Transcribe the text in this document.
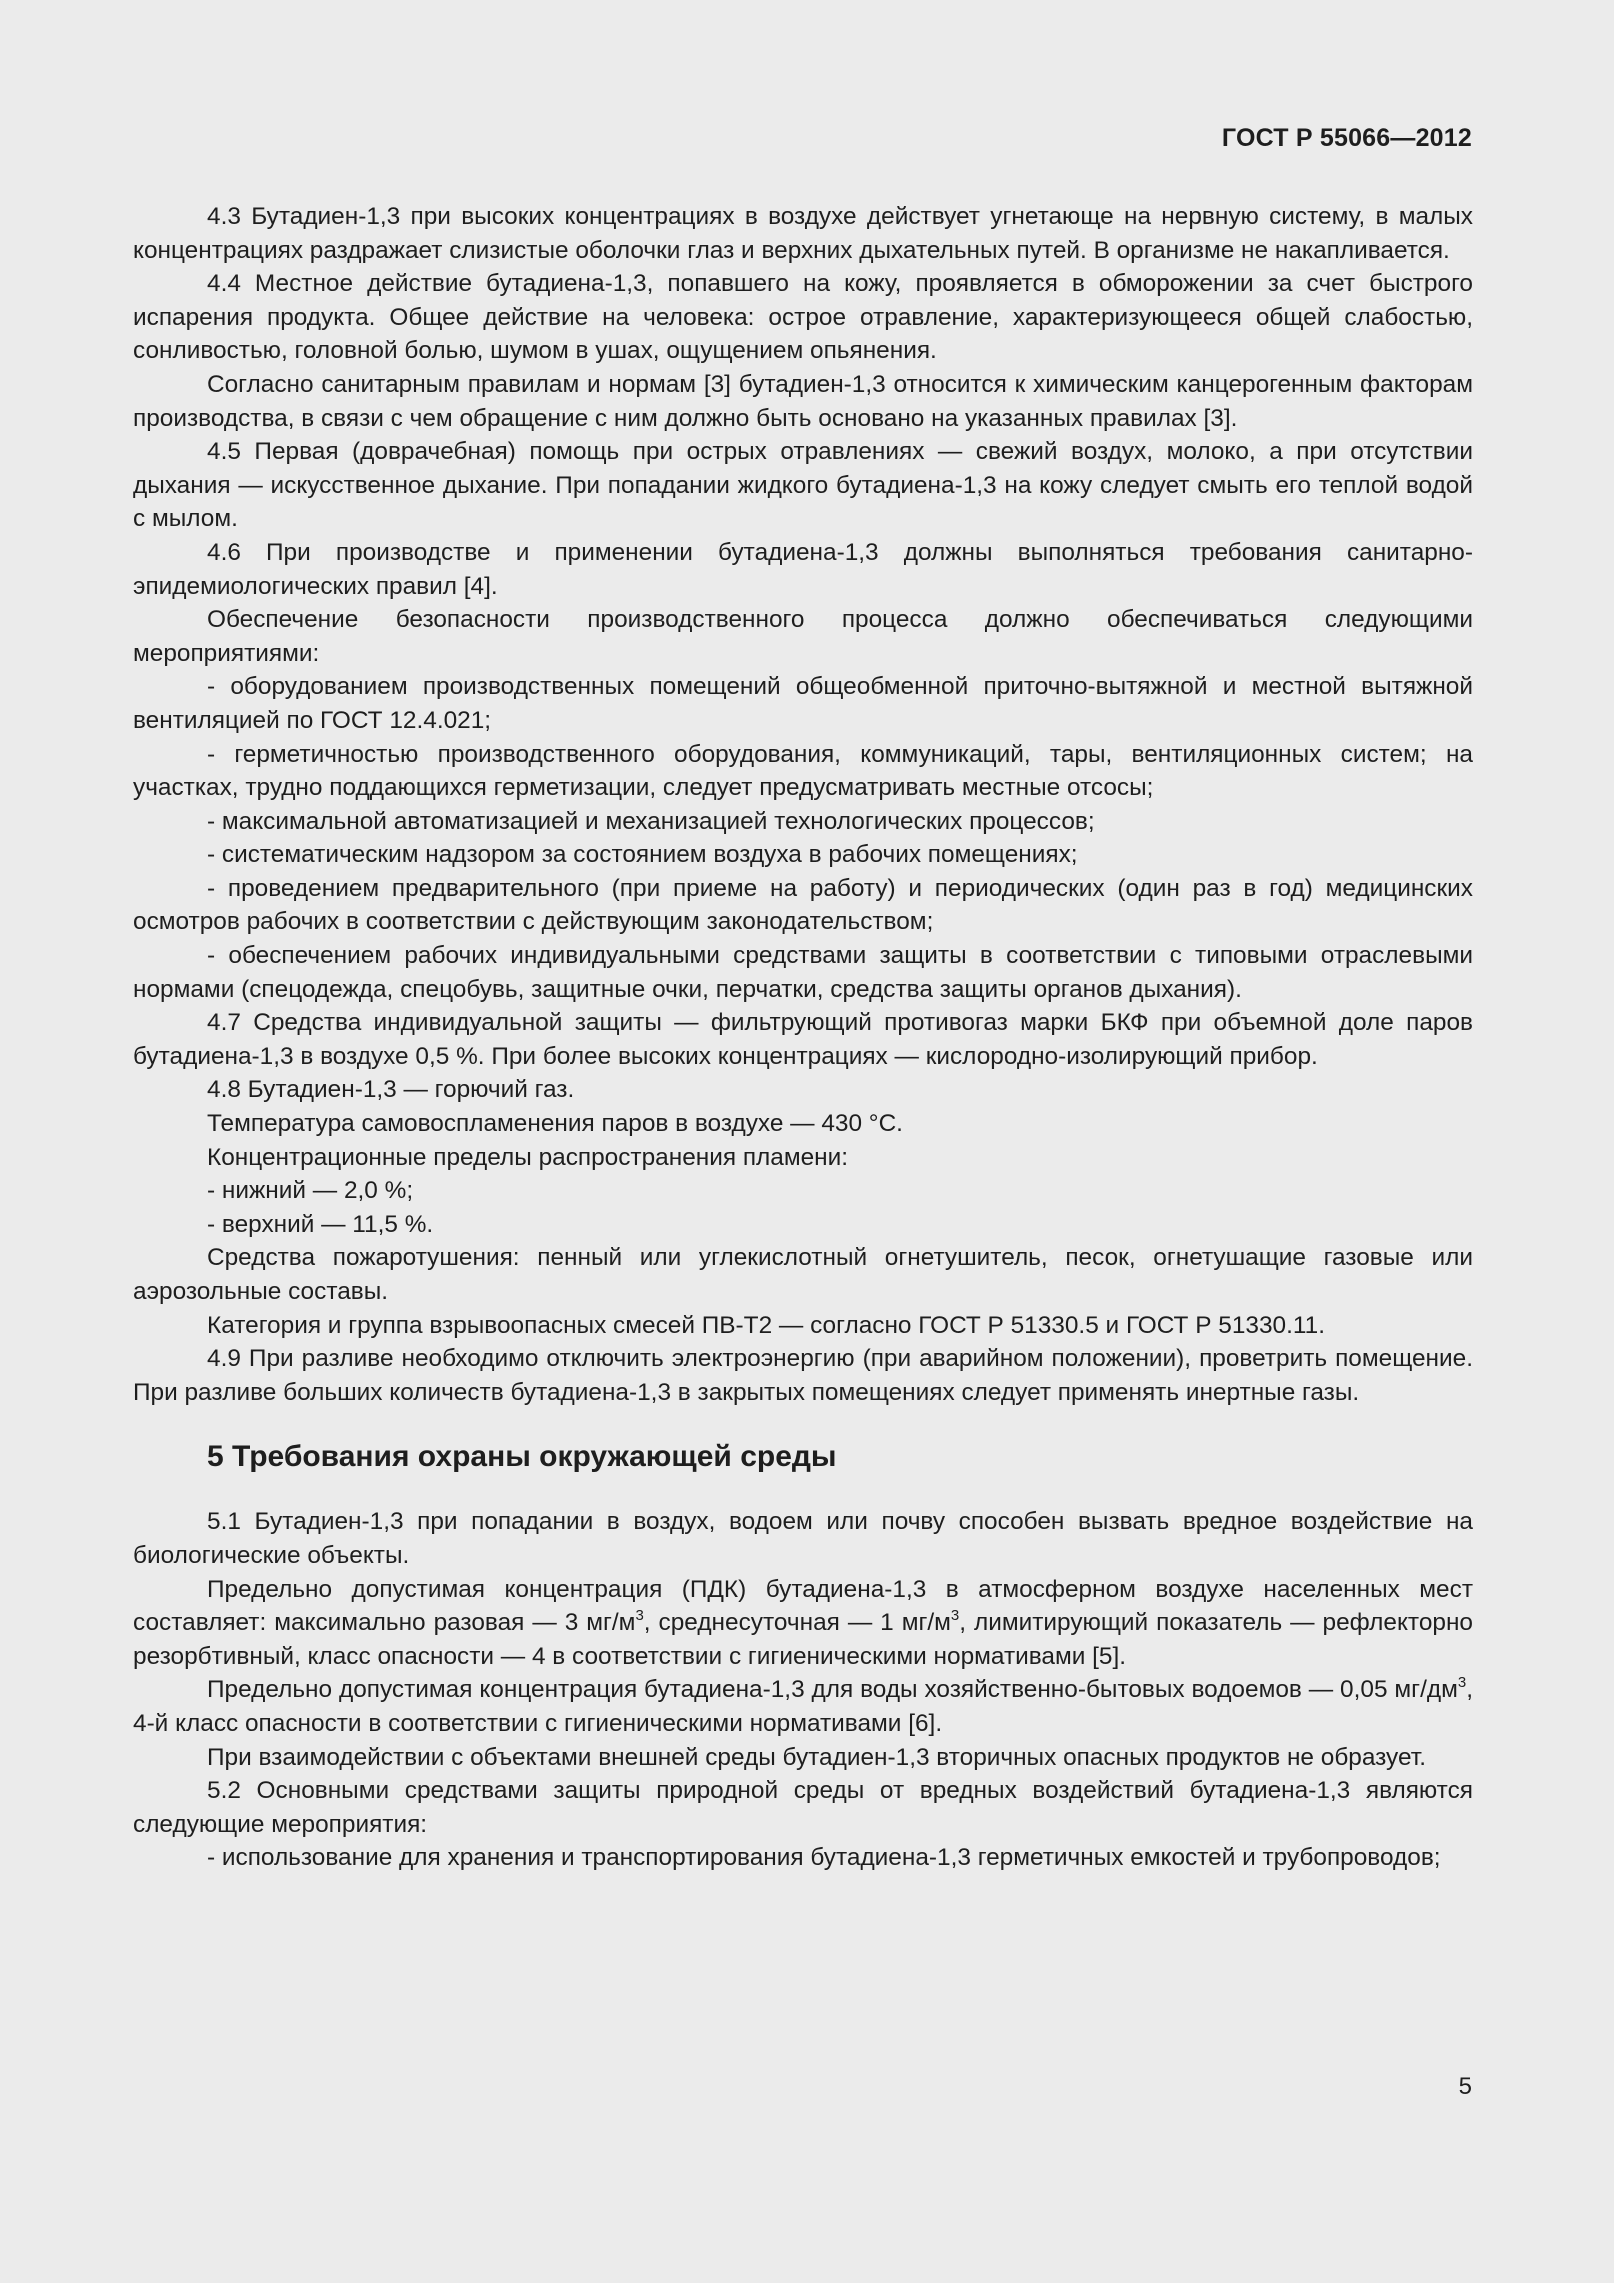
ГОСТ Р 55066—2012

4.3 Бутадиен-1,3 при высоких концентрациях в воздухе действует угнетающе на нервную систему, в малых концентрациях раздражает слизистые оболочки глаз и верхних дыхательных путей. В организме не накапливается.

4.4 Местное действие бутадиена-1,3, попавшего на кожу, проявляется в обморожении за счет быстрого испарения продукта. Общее действие на человека: острое отравление, характеризующееся общей слабостью, сонливостью, головной болью, шумом в ушах, ощущением опьянения.

Согласно санитарным правилам и нормам [3] бутадиен-1,3 относится к химическим канцерогенным факторам производства, в связи с чем обращение с ним должно быть основано на указанных правилах [3].

4.5 Первая (доврачебная) помощь при острых отравлениях — свежий воздух, молоко, а при отсутствии дыхания — искусственное дыхание. При попадании жидкого бутадиена-1,3 на кожу следует смыть его теплой водой с мылом.

4.6 При производстве и применении бутадиена-1,3 должны выполняться требования санитарно-эпидемиологических правил [4].

Обеспечение безопасности производственного процесса должно обеспечиваться следующими мероприятиями:

- оборудованием производственных помещений общеобменной приточно-вытяжной и местной вытяжной вентиляцией по ГОСТ 12.4.021;

- герметичностью производственного оборудования, коммуникаций, тары, вентиляционных систем; на участках, трудно поддающихся герметизации, следует предусматривать местные отсосы;

- максимальной автоматизацией и механизацией технологических процессов;

- систематическим надзором за состоянием воздуха в рабочих помещениях;

- проведением предварительного (при приеме на работу) и периодических (один раз в год) медицинских осмотров рабочих в соответствии с действующим законодательством;

- обеспечением рабочих индивидуальными средствами защиты в соответствии с типовыми отраслевыми нормами (спецодежда, спецобувь, защитные очки, перчатки, средства защиты органов дыхания).

4.7 Средства индивидуальной защиты — фильтрующий противогаз марки БКФ при объемной доле паров бутадиена-1,3 в воздухе 0,5 %. При более высоких концентрациях — кислородно-изолирующий прибор.

4.8 Бутадиен-1,3 — горючий газ.

Температура самовоспламенения паров в воздухе — 430 °С.

Концентрационные пределы распространения пламени:

- нижний — 2,0 %;

- верхний — 11,5 %.

Средства пожаротушения: пенный или углекислотный огнетушитель, песок, огнетушащие газовые или аэрозольные составы.

Категория и группа взрывоопасных смесей ПВ-Т2 — согласно ГОСТ Р 51330.5 и ГОСТ Р 51330.11.

4.9 При разливе необходимо отключить электроэнергию (при аварийном положении), проветрить помещение. При разливе больших количеств бутадиена-1,3 в закрытых помещениях следует применять инертные газы.

5 Требования охраны окружающей среды

5.1 Бутадиен-1,3 при попадании в воздух, водоем или почву способен вызвать вредное воздействие на биологические объекты.

Предельно допустимая концентрация (ПДК) бутадиена-1,3 в атмосферном воздухе населенных мест составляет: максимально разовая — 3 $мг/м^3$, среднесуточная — 1 $мг/м^3$, лимитирующий показатель — рефлекторно резорбтивный, класс опасности — 4 в соответствии с гигиеническими нормативами [5].

Предельно допустимая концентрация бутадиена-1,3 для воды хозяйственно-бытовых водоемов — 0,05 $мг/дм^3$, 4-й класс опасности в соответствии с гигиеническими нормативами [6].

При взаимодействии с объектами внешней среды бутадиен-1,3 вторичных опасных продуктов не образует.

5.2 Основными средствами защиты природной среды от вредных воздействий бутадиена-1,3 являются следующие мероприятия:

- использование для хранения и транспортирования бутадиена-1,3 герметичных емкостей и трубопроводов;

5
